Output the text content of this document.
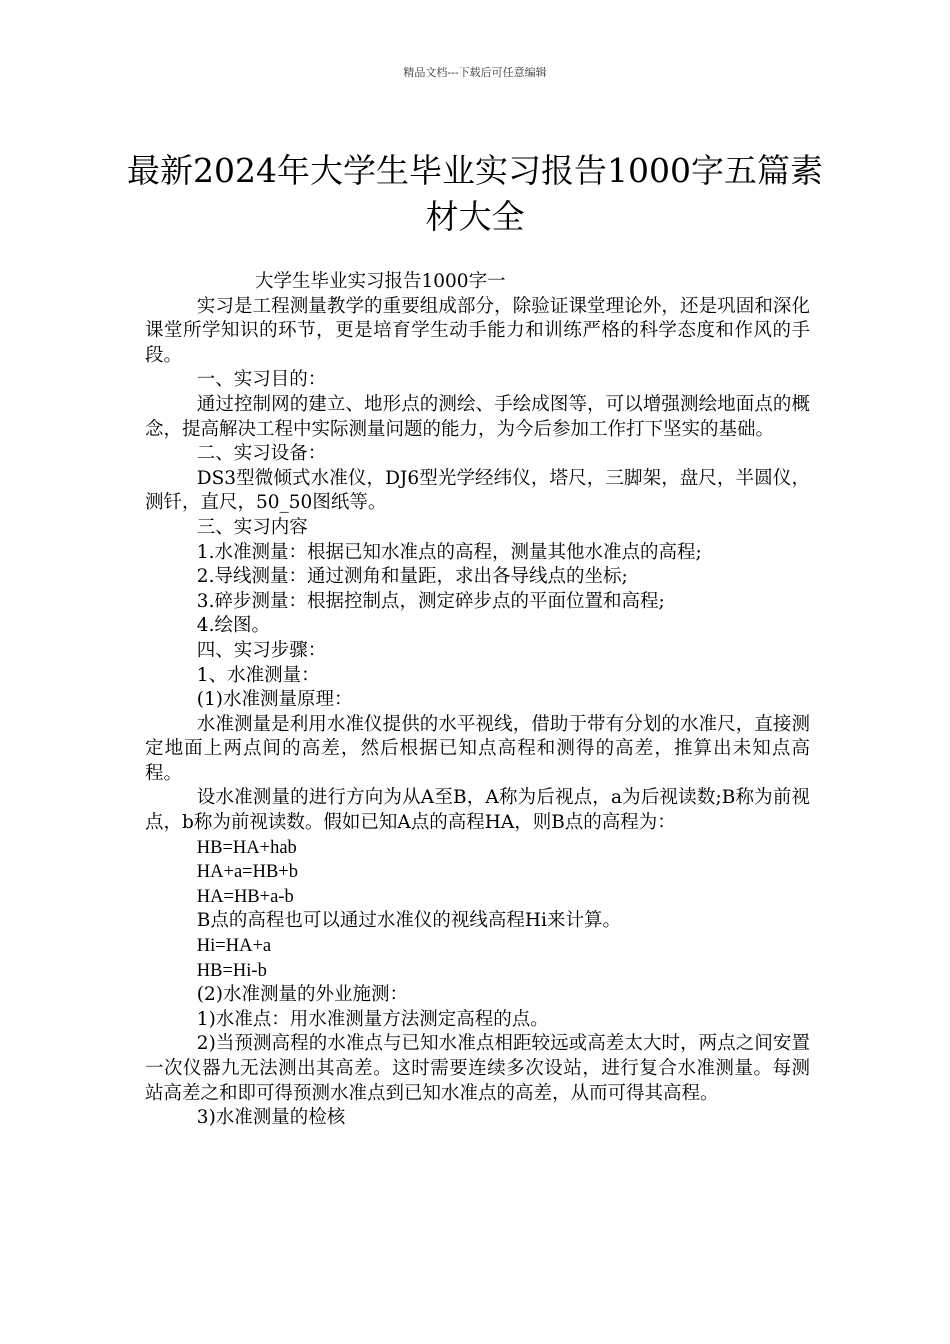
精品文档---下载后可任意编辑
最新2024年大学生毕业实习报告1000字五篇素材大全

大学生毕业实习报告1000字一

实习是工程测量教学的重要组成部分，除验证课堂理论外，还是巩固和深化课堂所学知识的环节，更是培育学生动手能力和训练严格的科学态度和作风的手段。

一、实习目的：

通过控制网的建立、地形点的测绘、手绘成图等，可以增强测绘地面点的概念，提高解决工程中实际测量问题的能力，为今后参加工作打下坚实的基础。

二、实习设备：

DS3型微倾式水准仪，DJ6型光学经纬仪，塔尺，三脚架，盘尺，半圆仪，测钎，直尺，50_50图纸等。

三、实习内容

1.水准测量：根据已知水准点的高程，测量其他水准点的高程;

2.导线测量：通过测角和量距，求出各导线点的坐标;

3.碎步测量：根据控制点，测定碎步点的平面位置和高程;

4.绘图。

四、实习步骤：

1、水准测量：

(1)水准测量原理：

水准测量是利用水准仪提供的水平视线，借助于带有分划的水准尺，直接测定地面上两点间的高差，然后根据已知点高程和测得的高差，推算出未知点高程。

设水准测量的进行方向为从A至B，A称为后视点，a为后视读数;B称为前视点，b称为前视读数。假如已知A点的高程HA，则B点的高程为：

HB=HA+hab

HA+a=HB+b

HA=HB+a-b

B点的高程也可以通过水准仪的视线高程Hi来计算。

Hi=HA+a

HB=Hi-b

(2)水准测量的外业施测：

1)水准点：用水准测量方法测定高程的点。

2)当预测高程的水准点与已知水准点相距较远或高差太大时，两点之间安置一次仪器九无法测出其高差。这时需要连续多次设站，进行复合水准测量。每测站高差之和即可得预测水准点到已知水准点的高差，从而可得其高程。

3)水准测量的检核
